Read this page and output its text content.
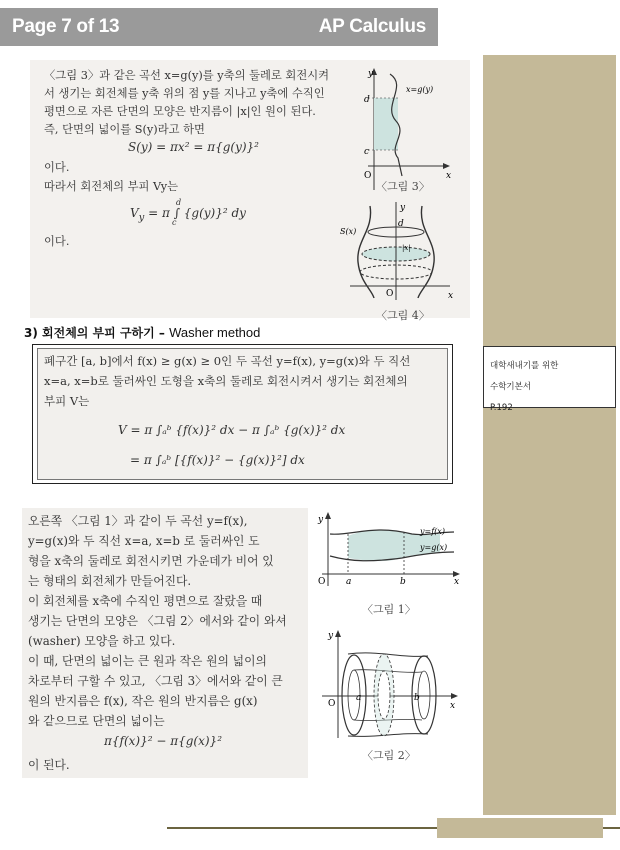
Page 7 of 13	AP Calculus
대학새내기를 위한
수학기본서
P.192
〈그림 3〉과 같은 곡선 x=g(y)를 y축의 둘레로 회전시켜
서 생기는 회전체를 y축 위의 점 y를 지나고 y축에 수직인
평면으로 자른 단면의 모양은 반지름이 |x|인 원이 된다.
즉, 단면의 넓이를 S(y)라고 하면
S(y) = πx² = π{g(y)}²
이다.
따라서 회전체의 부피 Vy는
$V_y = \pi$ ∫
d
c
{g(y)}² dy
이다.
y
x
O
d
c
x=g(y)
〈그림 3〉
y
d
S(x)
|x|
O	x
〈그림 4〉
3) 회전체의 부피 구하기 – Washer method
폐구간 [a, b]에서 f(x) ≥ g(x) ≥ 0인 두 곡선 y=f(x), y=g(x)와 두 직선
x=a, x=b로 둘러싸인 도형을 x축의 둘레로 회전시켜서 생기는 회전체의
부피 V는
V = π ∫ₐᵇ {f(x)}² dx − π ∫ₐᵇ {g(x)}² dx
= π ∫ₐᵇ [{f(x)}² − {g(x)}²] dx
오른쪽 〈그림 1〉과 같이 두 곡선 y=f(x),
y=g(x)와 두 직선 x=a, x=b 로 둘러싸인 도
형을 x축의 둘레로 회전시키면 가운데가 비어 있
는 형태의 회전체가 만들어진다.
이 회전체를 x축에 수직인 평면으로 잘랐을 때
생기는 단면의 모양은 〈그림 2〉에서와 같이 와셔
(washer) 모양을 하고 있다.
이 때, 단면의 넓이는 큰 원과 작은 원의 넓이의
차로부터 구할 수 있고, 〈그림 3〉에서와 같이 큰
원의 반지름은 f(x), 작은 원의 반지름은 g(x)
와 같으므로 단면의 넓이는
π{f(x)}² − π{g(x)}²
이 된다.
y
O a	b	x
y=f(x)
y=g(x)
〈그림 1〉
y
O
a	b
x
〈그림 2〉
